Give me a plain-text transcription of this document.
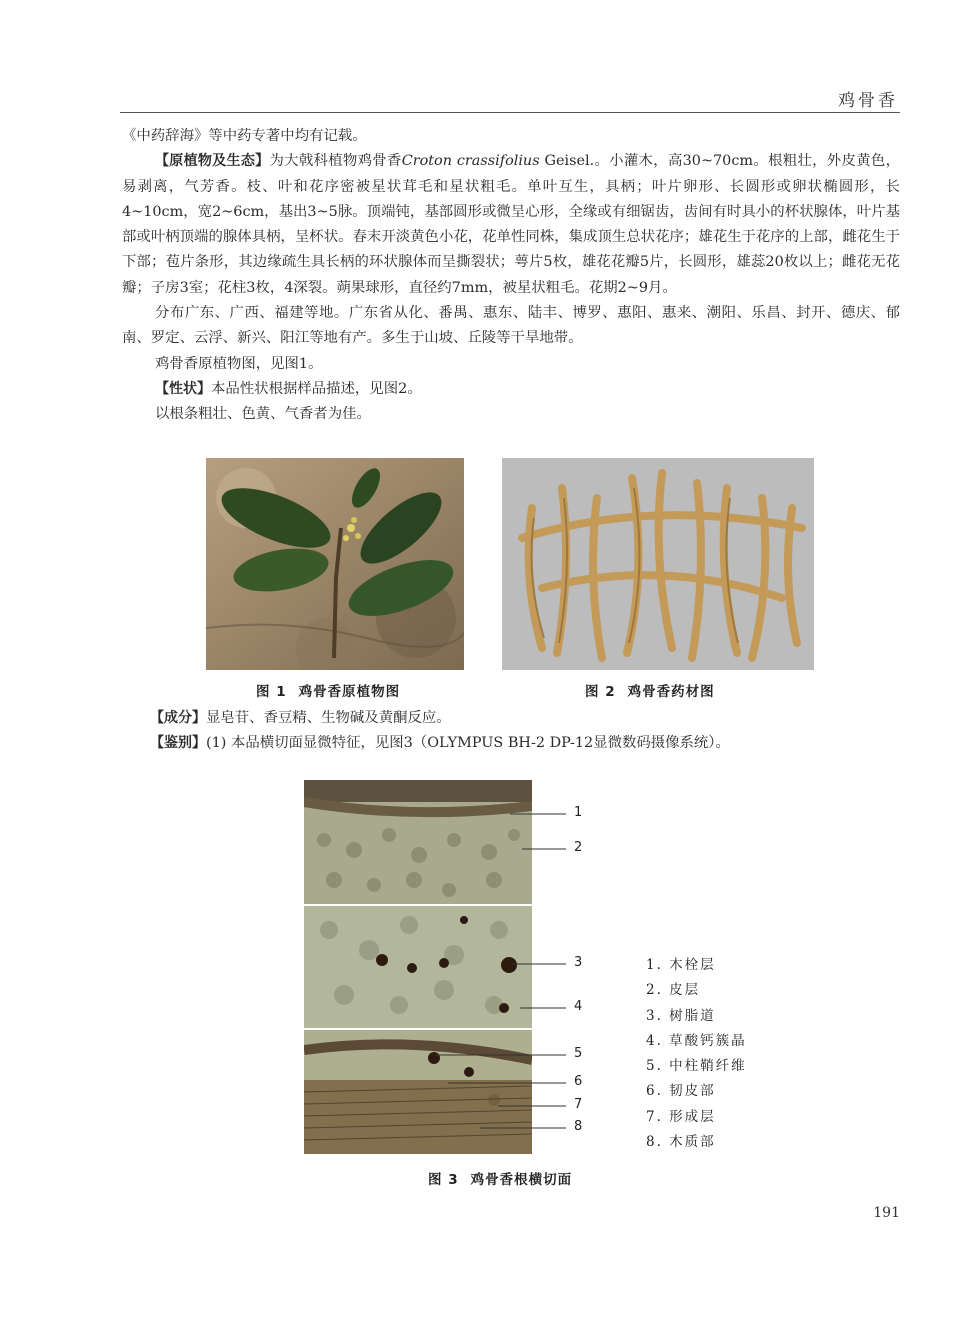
鸡骨香

《中药辞海》等中药专著中均有记载。

【原植物及生态】为大戟科植物鸡骨香Croton crassifolius Geisel.。小灌木，高30~70cm。根粗壮，外皮黄色，易剥离，气芳香。枝、叶和花序密被星状茸毛和星状粗毛。单叶互生，具柄；叶片卵形、长圆形或卵状椭圆形，长4~10cm，宽2~6cm，基出3~5脉。顶端钝，基部圆形或微呈心形，全缘或有细锯齿，齿间有时具小的杯状腺体，叶片基部或叶柄顶端的腺体具柄，呈杯状。春末开淡黄色小花，花单性同株，集成顶生总状花序；雄花生于花序的上部，雌花生于下部；苞片条形，其边缘疏生具长柄的环状腺体而呈撕裂状；萼片5枚，雄花花瓣5片，长圆形，雄蕊20枚以上；雌花无花瓣；子房3室；花柱3枚，4深裂。蒴果球形，直径约7mm，被星状粗毛。花期2~9月。

分布广东、广西、福建等地。广东省从化、番禺、惠东、陆丰、博罗、惠阳、惠来、潮阳、乐昌、封开、德庆、郁南、罗定、云浮、新兴、阳江等地有产。多生于山坡、丘陵等干旱地带。

鸡骨香原植物图，见图1。

【性状】本品性状根据样品描述，见图2。

以根条粗壮、色黄、气香者为佳。

图 1 鸡骨香原植物图	图 2 鸡骨香药材图

【成分】显皂苷、香豆精、生物碱及黄酮反应。

【鉴别】(1) 本品横切面显微特征，见图3（OLYMPUS BH-2 DP-12显微数码摄像系统）。

1
2
3
4
5
6
7
8
1. 木栓层
2. 皮层
3. 树脂道
4. 草酸钙簇晶
5. 中柱鞘纤维
6. 韧皮部
7. 形成层
8. 木质部
图 3 鸡骨香根横切面
191
